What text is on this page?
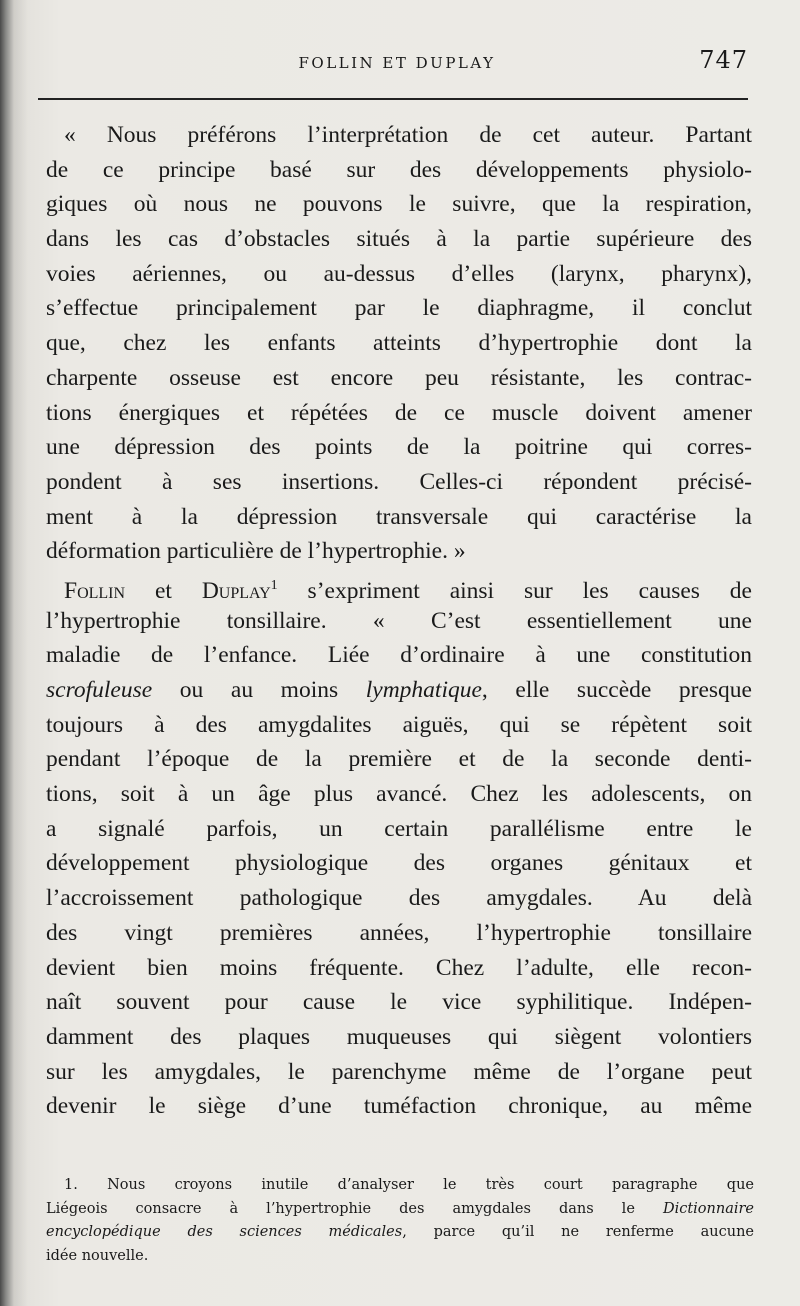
FOLLIN ET DUPLAY	747
« Nous préférons l’interprétation de cet auteur. Partant
de ce principe basé sur des développements physiolo-
giques où nous ne pouvons le suivre, que la respiration,
dans les cas d’obstacles situés à la partie supérieure des
voies aériennes, ou au-dessus d’elles (larynx, pharynx),
s’effectue principalement par le diaphragme, il conclut
que, chez les enfants atteints d’hypertrophie dont la
charpente osseuse est encore peu résistante, les contrac-
tions énergiques et répétées de ce muscle doivent amener
une dépression des points de la poitrine qui corres-
pondent à ses insertions. Celles-ci répondent précisé-
ment à la dépression transversale qui caractérise la
déformation particulière de l’hypertrophie. »
Follin et Duplay$^1$ s’expriment ainsi sur les causes de
l’hypertrophie tonsillaire. « C’est essentiellement une
maladie de l’enfance. Liée d’ordinaire à une constitution
scrofuleuse ou au moins lymphatique, elle succède presque
toujours à des amygdalites aiguës, qui se répètent soit
pendant l’époque de la première et de la seconde denti-
tions, soit à un âge plus avancé. Chez les adolescents, on
a signalé parfois, un certain parallélisme entre le
développement physiologique des organes génitaux et
l’accroissement pathologique des amygdales. Au delà
des vingt premières années, l’hypertrophie tonsillaire
devient bien moins fréquente. Chez l’adulte, elle recon-
naît souvent pour cause le vice syphilitique. Indépen-
damment des plaques muqueuses qui siègent volontiers
sur les amygdales, le parenchyme même de l’organe peut
devenir le siège d’une tuméfaction chronique, au même
1. Nous croyons inutile d’analyser le très court paragraphe que
Liégeois consacre à l’hypertrophie des amygdales dans le Dictionnaire
encyclopédique des sciences médicales, parce qu’il ne renferme aucune
idée nouvelle.
